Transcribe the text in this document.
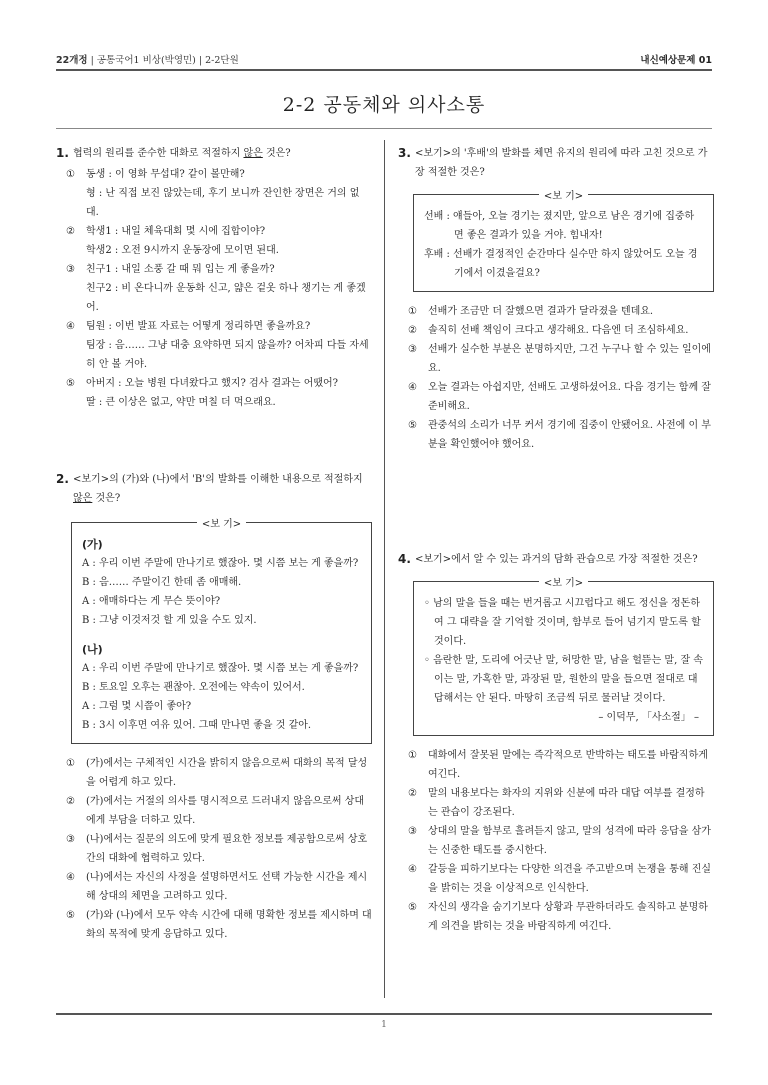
22개정 | 공통국어1 비상(박영민) | 2-2단원	내신예상문제 01
2-2 공동체와 의사소통
1. 협력의 원리를 준수한 대화로 적절하지 않은 것은?
① 동생 : 이 영화 무섭대? 같이 볼만해?
형 : 난 직접 보진 않았는데, 후기 보니까 잔인한 장면은 거의 없대.
② 학생1 : 내일 체육대회 몇 시에 집합이야?
학생2 : 오전 9시까지 운동장에 모이면 된대.
③ 친구1 : 내일 소풍 갈 때 뭐 입는 게 좋을까?
친구2 : 비 온다니까 운동화 신고, 얇은 겉옷 하나 챙기는 게 좋겠어.
④ 팀원 : 이번 발표 자료는 어떻게 정리하면 좋을까요?
팀장 : 음…… 그냥 대충 요약하면 되지 않을까? 어차피 다들 자세히 안 볼 거야.
⑤ 아버지 : 오늘 병원 다녀왔다고 했지? 검사 결과는 어땠어?
딸 : 큰 이상은 없고, 약만 며칠 더 먹으래요.
2. <보기>의 (가)와 (나)에서 'B'의 발화를 이해한 내용으로 적절하지 않은 것은?
<보 기>
(가)
A : 우리 이번 주말에 만나기로 했잖아. 몇 시쯤 보는 게 좋을까?
B : 음…… 주말이긴 한데 좀 애매해.
A : 애매하다는 게 무슨 뜻이야?
B : 그냥 이것저것 할 게 있을 수도 있지.
(나)
A : 우리 이번 주말에 만나기로 했잖아. 몇 시쯤 보는 게 좋을까?
B : 토요일 오후는 괜찮아. 오전에는 약속이 있어서.
A : 그럼 몇 시쯤이 좋아?
B : 3시 이후면 여유 있어. 그때 만나면 좋을 것 같아.
① (가)에서는 구체적인 시간을 밝히지 않음으로써 대화의 목적 달성을 어렵게 하고 있다.
② (가)에서는 거절의 의사를 명시적으로 드러내지 않음으로써 상대에게 부담을 더하고 있다.
③ (나)에서는 질문의 의도에 맞게 필요한 정보를 제공함으로써 상호 간의 대화에 협력하고 있다.
④ (나)에서는 자신의 사정을 설명하면서도 선택 가능한 시간을 제시해 상대의 체면을 고려하고 있다.
⑤ (가)와 (나)에서 모두 약속 시간에 대해 명확한 정보를 제시하며 대화의 목적에 맞게 응답하고 있다.
3. <보기>의 '후배'의 발화를 체면 유지의 원리에 따라 고친 것으로 가장 적절한 것은?
<보 기>
선배 : 얘들아, 오늘 경기는 졌지만, 앞으로 남은 경기에 집중하면 좋은 결과가 있을 거야. 힘내자!
후배 : 선배가 결정적인 순간마다 실수만 하지 않았어도 오늘 경기에서 이겼을걸요?
① 선배가 조금만 더 잘했으면 결과가 달라졌을 텐데요.
② 솔직히 선배 책임이 크다고 생각해요. 다음엔 더 조심하세요.
③ 선배가 실수한 부분은 분명하지만, 그건 누구나 할 수 있는 일이에요.
④ 오늘 결과는 아쉽지만, 선배도 고생하셨어요. 다음 경기는 함께 잘 준비해요.
⑤ 관중석의 소리가 너무 커서 경기에 집중이 안됐어요. 사전에 이 부분을 확인했어야 했어요.
4. <보기>에서 알 수 있는 과거의 담화 관습으로 가장 적절한 것은?
<보 기>
◦ 남의 말을 들을 때는 번거롭고 시끄럽다고 해도 정신을 정돈하여 그 대략을 잘 기억할 것이며, 함부로 들어 넘기지 말도록 할 것이다.
◦ 음란한 말, 도리에 어긋난 말, 허망한 말, 남을 헐뜯는 말, 잘 속이는 말, 가혹한 말, 과장된 말, 원한의 말을 들으면 절대로 대답해서는 안 된다. 마땅히 조금씩 뒤로 물러날 것이다.
– 이덕무, 「사소절」 –
① 대화에서 잘못된 말에는 즉각적으로 반박하는 태도를 바람직하게 여긴다.
② 말의 내용보다는 화자의 지위와 신분에 따라 대답 여부를 결정하는 관습이 강조된다.
③ 상대의 말을 함부로 흘려듣지 않고, 말의 성격에 따라 응답을 삼가는 신중한 태도를 중시한다.
④ 갈등을 피하기보다는 다양한 의견을 주고받으며 논쟁을 통해 진실을 밝히는 것을 이상적으로 인식한다.
⑤ 자신의 생각을 숨기기보다 상황과 무관하더라도 솔직하고 분명하게 의견을 밝히는 것을 바람직하게 여긴다.
1
